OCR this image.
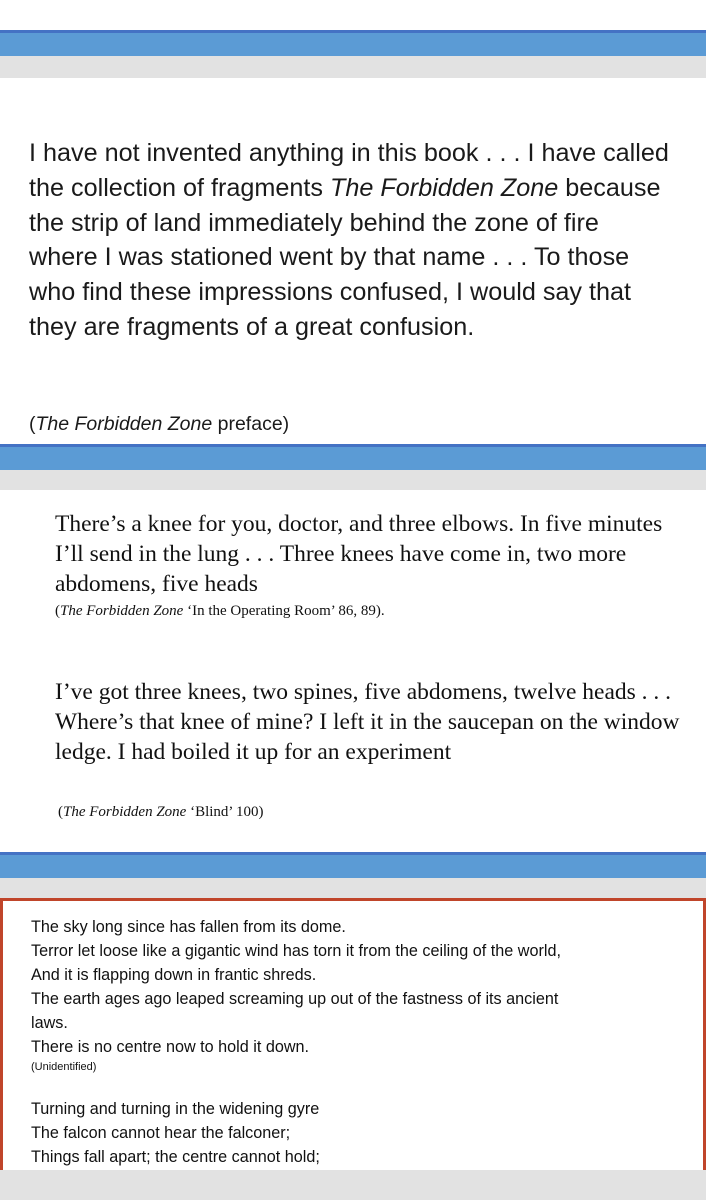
I have not invented anything in this book . . . I have called the collection of fragments The Forbidden Zone because the strip of land immediately behind the zone of fire where I was stationed went by that name . . . To those who find these impressions confused, I would say that they are fragments of a great confusion.

(The Forbidden Zone preface)

There’s a knee for you, doctor, and three elbows. In five minutes I’ll send in the lung . . . Three knees have come in, two more abdomens, five heads

(The Forbidden Zone ‘In the Operating Room’ 86, 89).

I’ve got three knees, two spines, five abdomens, twelve heads . . . Where’s that knee of mine? I left it in the saucepan on the window ledge. I had boiled it up for an experiment

(The Forbidden Zone ‘Blind’ 100)

The sky long since has fallen from its dome.
Terror let loose like a gigantic wind has torn it from the ceiling of the world,
And it is flapping down in frantic shreds.
The earth ages ago leaped screaming up out of the fastness of its ancient
laws.
There is no centre now to hold it down.
(Unidentified)
Turning and turning in the widening gyre
The falcon cannot hear the falconer;
Things fall apart; the centre cannot hold;
